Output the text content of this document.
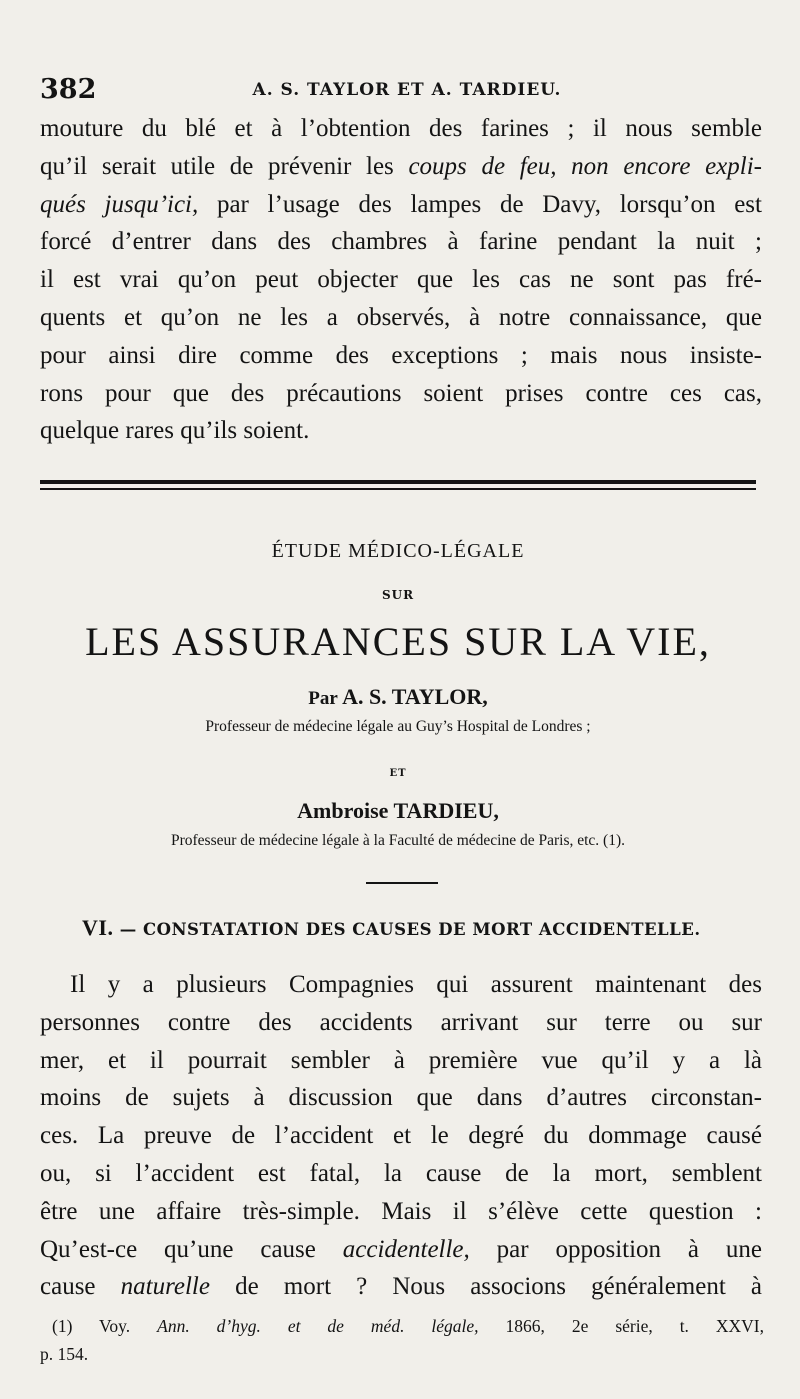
382	A. S. TAYLOR ET A. TARDIEU.
mouture du blé et à l’obtention des farines ; il nous semble
qu’il serait utile de prévenir les coups de feu, non encore expli-
qués jusqu’ici, par l’usage des lampes de Davy, lorsqu’on est
forcé d’entrer dans des chambres à farine pendant la nuit ;
il est vrai qu’on peut objecter que les cas ne sont pas fré-
quents et qu’on ne les a observés, à notre connaissance, que
pour ainsi dire comme des exceptions ; mais nous insiste-
rons pour que des précautions soient prises contre ces cas,
quelque rares qu’ils soient.
ÉTUDE MÉDICO-LÉGALE
SUR
LES ASSURANCES SUR LA VIE,
Par A. S. TAYLOR,
Professeur de médecine légale au Guy’s Hospital de Londres ;
ET
Ambroise TARDIEU,
Professeur de médecine légale à la Faculté de médecine de Paris, etc. (1).
VI. — CONSTATATION DES CAUSES DE MORT ACCIDENTELLE.
Il y a plusieurs Compagnies qui assurent maintenant des
personnes contre des accidents arrivant sur terre ou sur
mer, et il pourrait sembler à première vue qu’il y a là
moins de sujets à discussion que dans d’autres circonstan-
ces. La preuve de l’accident et le degré du dommage causé
ou, si l’accident est fatal, la cause de la mort, semblent
être une affaire très-simple. Mais il s’élève cette question :
Qu’est-ce qu’une cause accidentelle, par opposition à une
cause naturelle de mort ? Nous associons généralement à
(1) Voy. Ann. d’hyg. et de méd. légale, 1866, 2e série, t. XXVI,
p. 154.
